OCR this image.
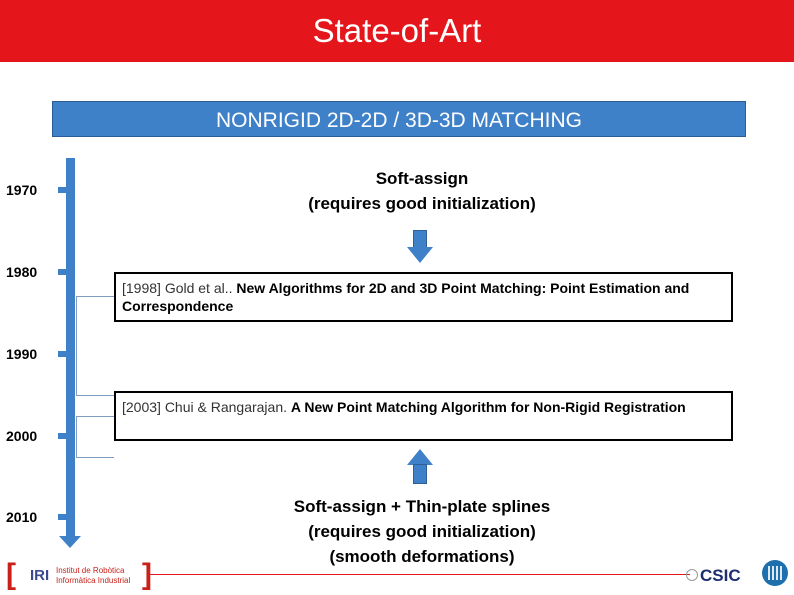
State-of-Art
NONRIGID 2D-2D / 3D-3D MATCHING
1970
1980
1990
2000
2010
Soft-assign
(requires good initialization)
[1998] Gold et al.. New Algorithms for 2D and 3D Point Matching: Point Estimation and Correspondence
[2003] Chui & Rangarajan. A New Point Matching Algorithm for Non-Rigid Registration
Soft-assign + Thin-plate splines
(requires good initialization)
(smooth deformations)
[ IRI Institut de Robòtica
Informàtica Industrial ]	CSIC
